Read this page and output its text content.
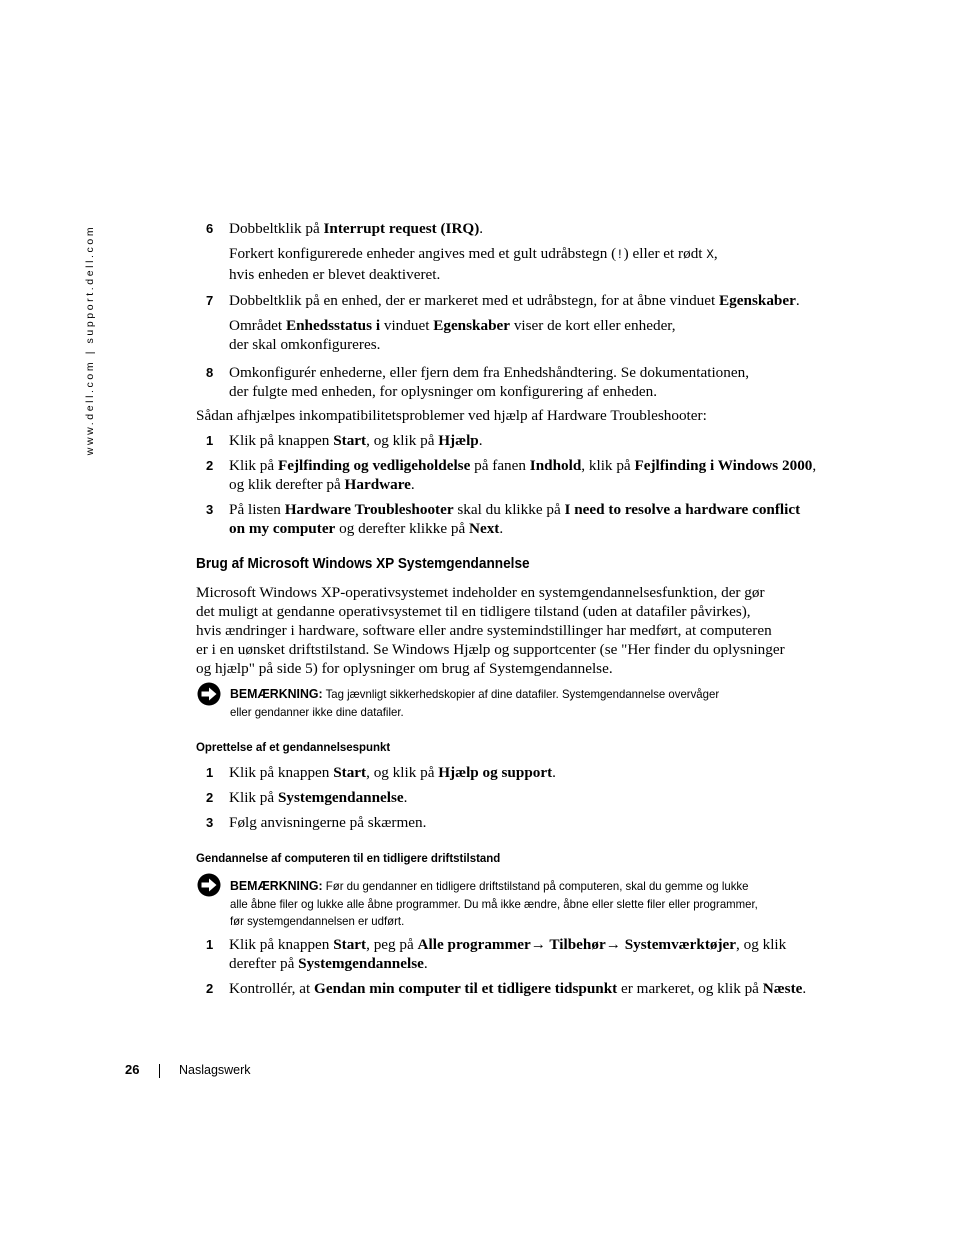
www.dell.com | support.dell.com	6 Dobbeltklik på Interrupt request (IRQ).
Forkert konfigurerede enheder angives med et gult udråbstegn (!) eller et rødt X,
hvis enheden er blevet deaktiveret.
7 Dobbeltklik på en enhed, der er markeret med et udråbstegn, for at åbne vinduet Egenskaber.
Området Enhedsstatus i vinduet Egenskaber viser de kort eller enheder,
der skal omkonfigureres.
8 Omkonfigurér enhederne, eller fjern dem fra Enhedshåndtering. Se dokumentationen,
der fulgte med enheden, for oplysninger om konfigurering af enheden.
Sådan afhjælpes inkompatibilitetsproblemer ved hjælp af Hardware Troubleshooter:
1 Klik på knappen Start, og klik på Hjælp.
2 Klik på Fejlfinding og vedligeholdelse på fanen Indhold, klik på Fejlfinding i Windows 2000,
og klik derefter på Hardware.
3 På listen Hardware Troubleshooter skal du klikke på I need to resolve a hardware conflict
on my computer og derefter klikke på Next.
Brug af Microsoft Windows XP Systemgendannelse
Microsoft Windows XP-operativsystemet indeholder en systemgendannelsesfunktion, der gør
det muligt at gendanne operativsystemet til en tidligere tilstand (uden at datafiler påvirkes),
hvis ændringer i hardware, software eller andre systemindstillinger har medført, at computeren
er i en uønsket driftstilstand. Se Windows Hjælp og supportcenter (se "Her finder du oplysninger
og hjælp" på side 5) for oplysninger om brug af Systemgendannelse.
BEMÆRKNING: Tag jævnligt sikkerhedskopier af dine datafiler. Systemgendannelse overvåger
eller gendanner ikke dine datafiler.
Oprettelse af et gendannelsespunkt
1 Klik på knappen Start, og klik på Hjælp og support.
2 Klik på Systemgendannelse.
3 Følg anvisningerne på skærmen.
Gendannelse af computeren til en tidligere driftstilstand
BEMÆRKNING: Før du gendanner en tidligere driftstilstand på computeren, skal du gemme og lukke
alle åbne filer og lukke alle åbne programmer. Du må ikke ændre, åbne eller slette filer eller programmer,
før systemgendannelsen er udført.
1 Klik på knappen Start, peg på Alle programmer→ Tilbehør→ Systemværktøjer, og klik
derefter på Systemgendannelse.
2 Kontrollér, at Gendan min computer til et tidligere tidspunkt er markeret, og klik på Næste.
26	Naslagswerk
